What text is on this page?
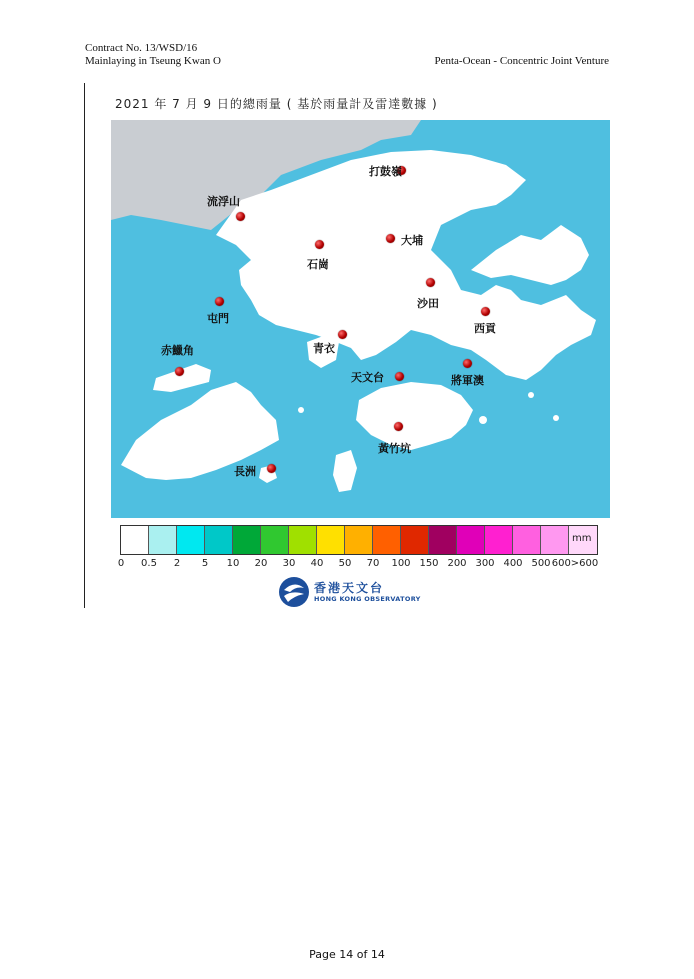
Contract No. 13/WSD/16
Mainlaying in Tseung Kwan O	Penta-Ocean - Concentric Joint Venture
2021 年 7 月 9 日的總雨量 ( 基於雨量計及雷達數據 )
打鼓嶺
流浮山
大埔
石崗
沙田
屯門
西貢
青衣
赤鱲角
天文台	將軍澳
黃竹坑
長洲
mm
0 0.5 2 5 10 20 30 40 50 70 100 150 200 300 400 500 600>600
香港天文台
HONG KONG OBSERVATORY
Page 14 of 14
